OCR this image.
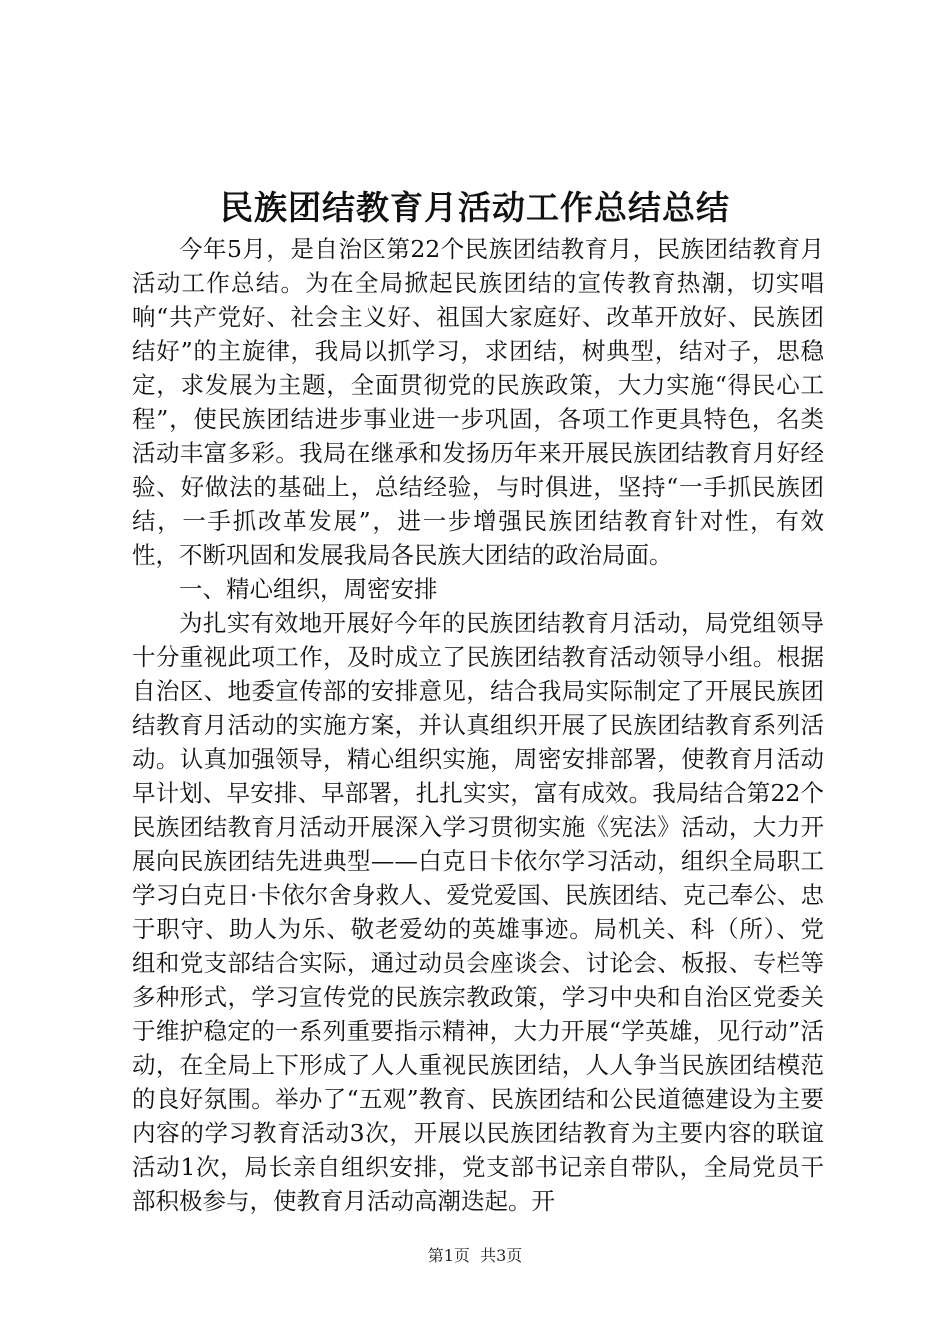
民族团结教育月活动工作总结总结

今年5月，是自治区第22个民族团结教育月，民族团结教育月活动工作总结。为在全局掀起民族团结的宣传教育热潮，切实唱响“共产党好、社会主义好、祖国大家庭好、改革开放好、民族团结好”的主旋律，我局以抓学习，求团结，树典型，结对子，思稳定，求发展为主题，全面贯彻党的民族政策，大力实施“得民心工程”，使民族团结进步事业进一步巩固，各项工作更具特色，名类活动丰富多彩。我局在继承和发扬历年来开展民族团结教育月好经验、好做法的基础上，总结经验，与时俱进，坚持“一手抓民族团结，一手抓改革发展”，进一步增强民族团结教育针对性，有效性，不断巩固和发展我局各民族大团结的政治局面。

一、精心组织，周密安排

为扎实有效地开展好今年的民族团结教育月活动，局党组领导十分重视此项工作，及时成立了民族团结教育活动领导小组。根据自治区、地委宣传部的安排意见，结合我局实际制定了开展民族团结教育月活动的实施方案，并认真组织开展了民族团结教育系列活动。认真加强领导，精心组织实施，周密安排部署，使教育月活动早计划、早安排、早部署，扎扎实实，富有成效。我局结合第22个民族团结教育月活动开展深入学习贯彻实施《宪法》活动，大力开展向民族团结先进典型——白克日卡依尔学习活动，组织全局职工学习白克日·卡依尔舍身救人、爱党爱国、民族团结、克己奉公、忠于职守、助人为乐、敬老爱幼的英雄事迹。局机关、科（所）、党组和党支部结合实际，通过动员会座谈会、讨论会、板报、专栏等多种形式，学习宣传党的民族宗教政策，学习中央和自治区党委关于维护稳定的一系列重要指示精神，大力开展“学英雄，见行动”活动，在全局上下形成了人人重视民族团结，人人争当民族团结模范的良好氛围。举办了“五观”教育、民族团结和公民道德建设为主要内容的学习教育活动3次，开展以民族团结教育为主要内容的联谊活动1次，局长亲自组织安排，党支部书记亲自带队，全局党员干部积极参与，使教育月活动高潮迭起。开

第1页 共3页
